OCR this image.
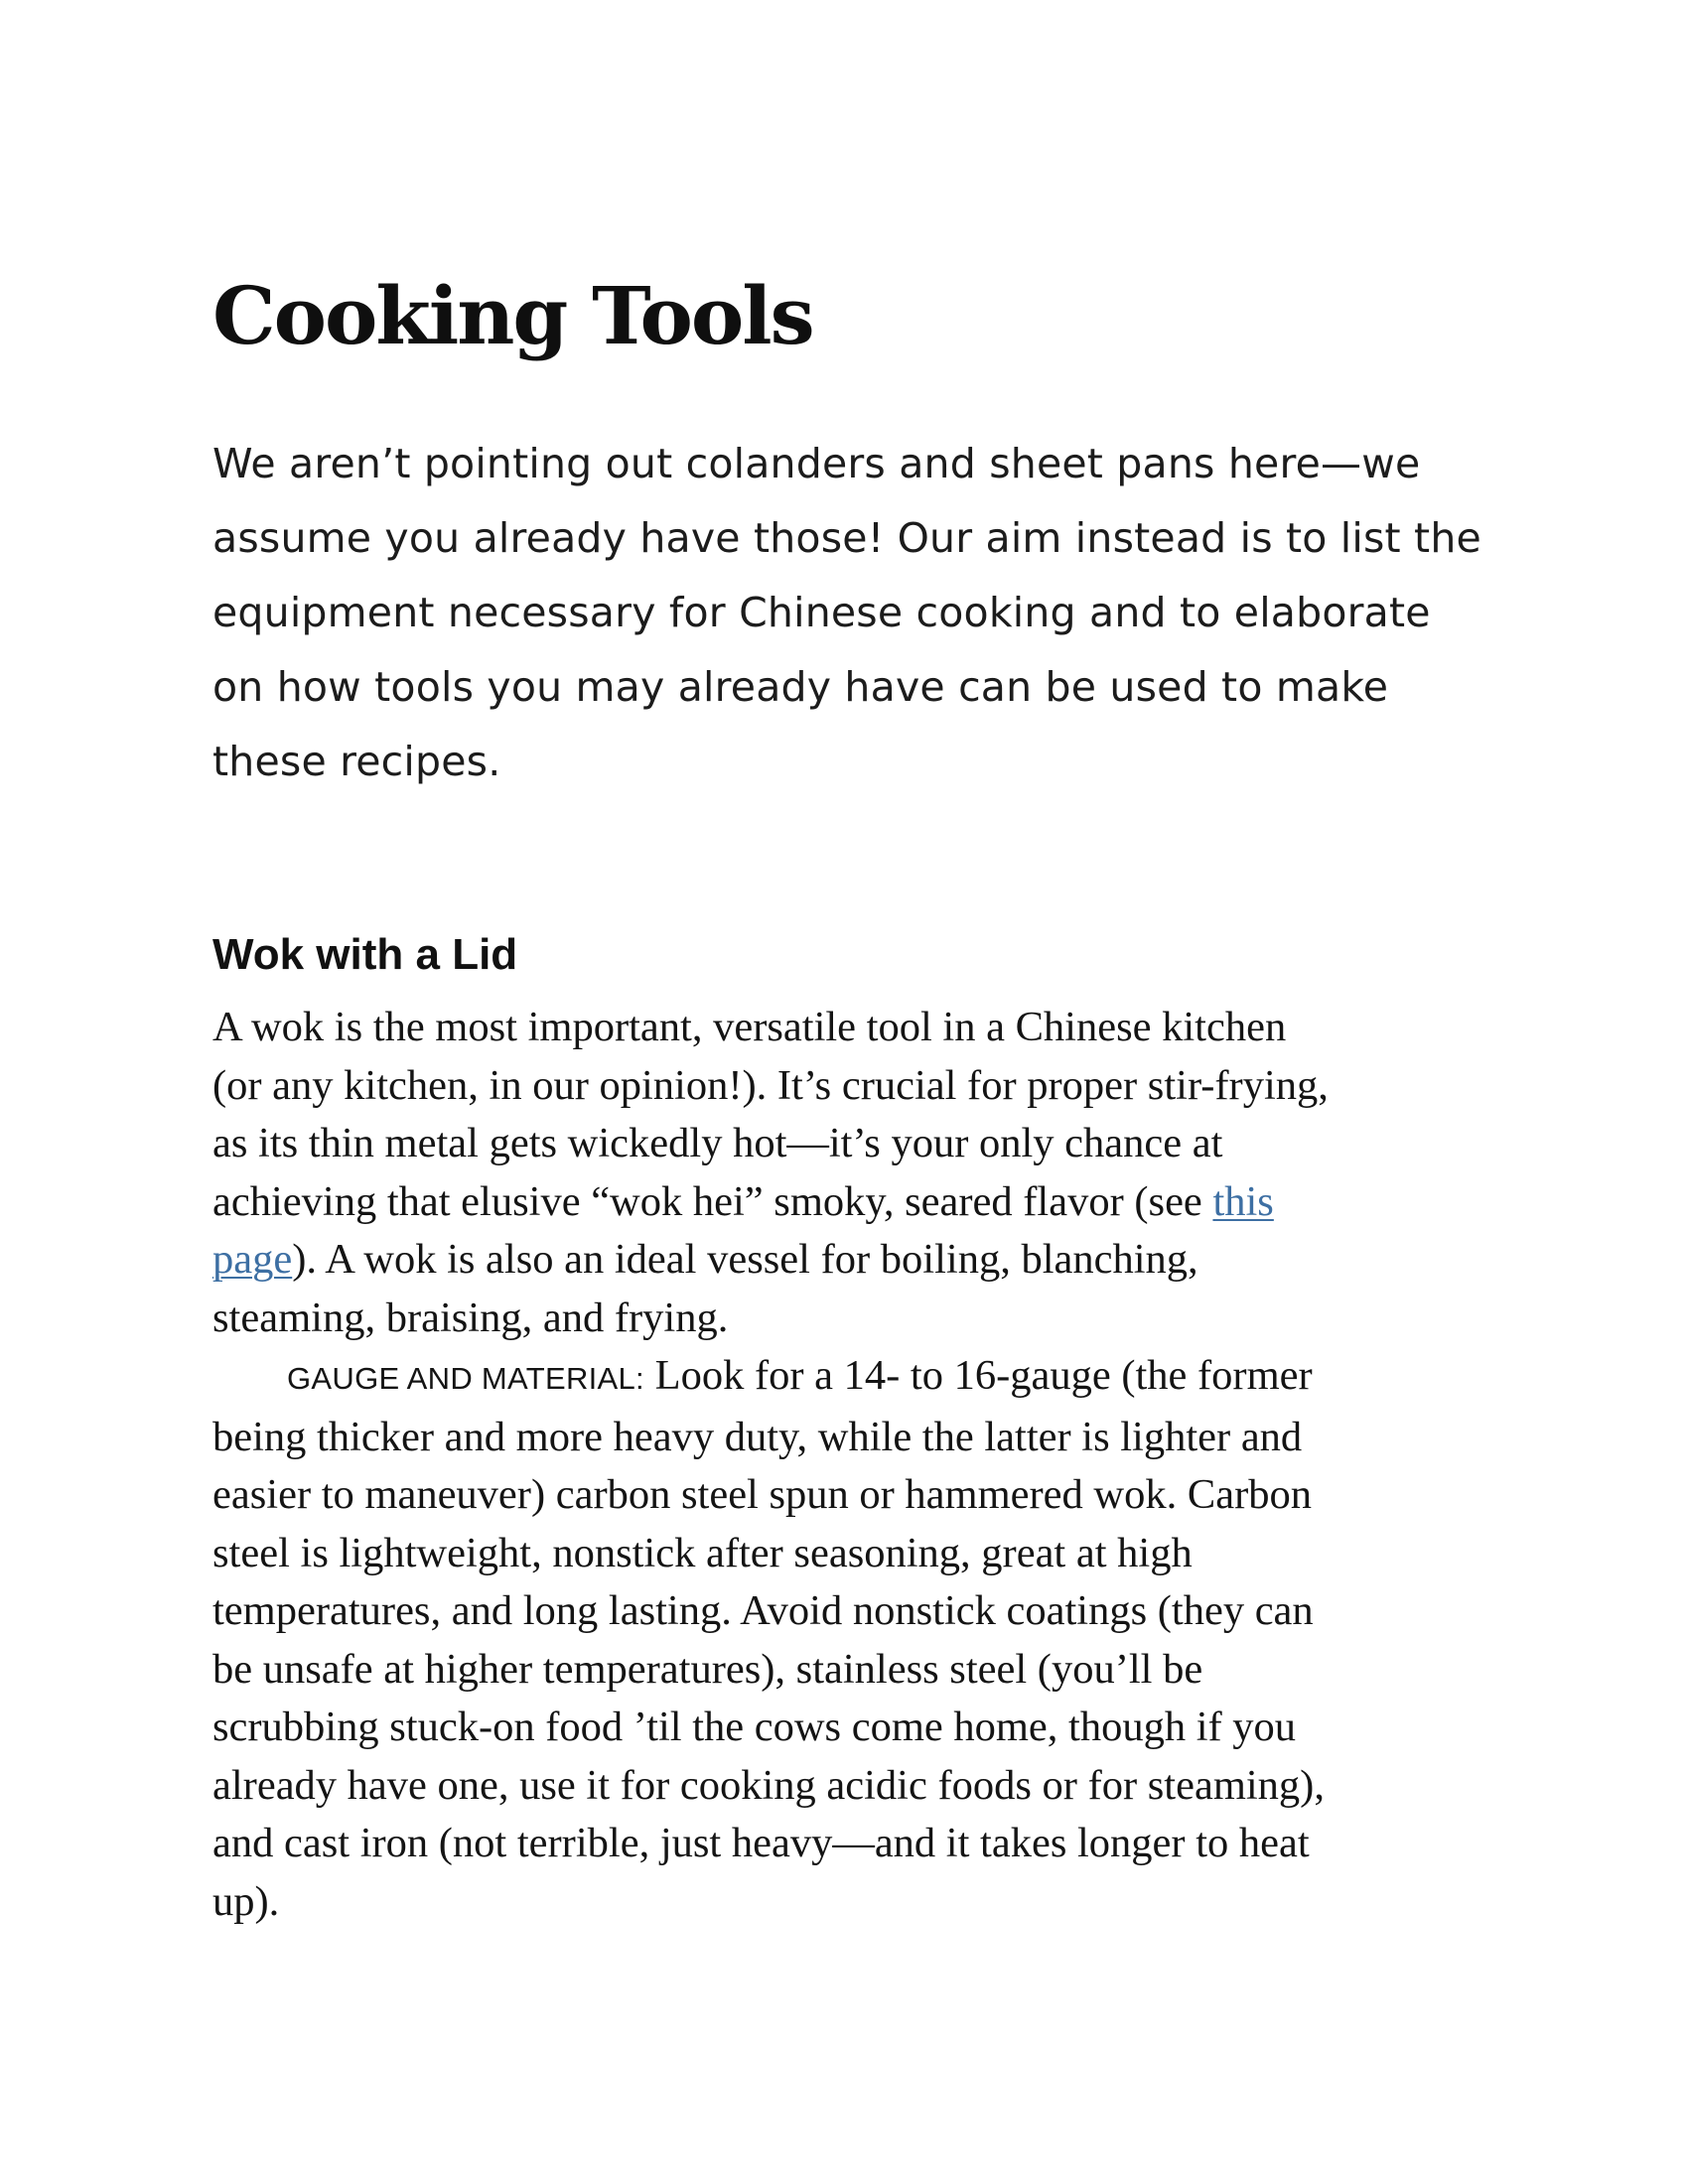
Cooking Tools

We aren’t pointing out colanders and sheet pans here—we
assume you already have those! Our aim instead is to list the
equipment necessary for Chinese cooking and to elaborate
on how tools you may already have can be used to make
these recipes.

Wok with a Lid
A wok is the most important, versatile tool in a Chinese kitchen
(or any kitchen, in our opinion!). It’s crucial for proper stir-frying,
as its thin metal gets wickedly hot—it’s your only chance at
achieving that elusive “wok hei” smoky, seared flavor (see this
page). A wok is also an ideal vessel for boiling, blanching,
steaming, braising, and frying.
GAUGE AND MATERIAL: Look for a 14- to 16-gauge (the former
being thicker and more heavy duty, while the latter is lighter and
easier to maneuver) carbon steel spun or hammered wok. Carbon
steel is lightweight, nonstick after seasoning, great at high
temperatures, and long lasting. Avoid nonstick coatings (they can
be unsafe at higher temperatures), stainless steel (you’ll be
scrubbing stuck-on food ’til the cows come home, though if you
already have one, use it for cooking acidic foods or for steaming),
and cast iron (not terrible, just heavy—and it takes longer to heat
up).
